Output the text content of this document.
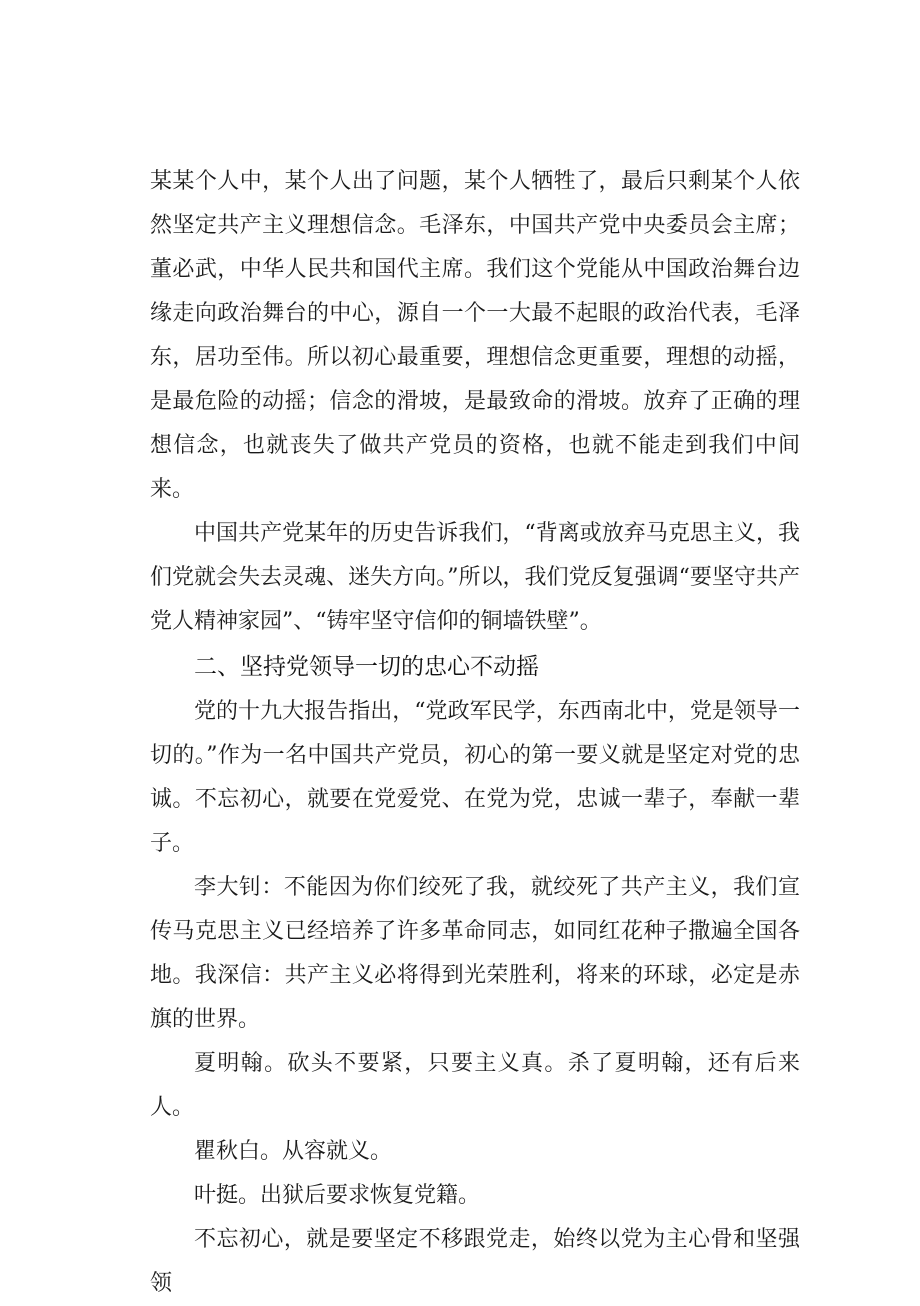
某某个人中，某个人出了问题，某个人牺牲了，最后只剩某个人依然坚定共产主义理想信念。毛泽东，中国共产党中央委员会主席；董必武，中华人民共和国代主席。我们这个党能从中国政治舞台边缘走向政治舞台的中心，源自一个一大最不起眼的政治代表，毛泽东，居功至伟。所以初心最重要，理想信念更重要，理想的动摇，是最危险的动摇；信念的滑坡，是最致命的滑坡。放弃了正确的理想信念，也就丧失了做共产党员的资格，也就不能走到我们中间来。

中国共产党某年的历史告诉我们，“背离或放弃马克思主义，我们党就会失去灵魂、迷失方向。”所以，我们党反复强调“要坚守共产党人精神家园”、“铸牢坚守信仰的铜墙铁壁”。

二、坚持党领导一切的忠心不动摇

党的十九大报告指出，“党政军民学，东西南北中，党是领导一切的。”作为一名中国共产党员，初心的第一要义就是坚定对党的忠诚。不忘初心，就要在党爱党、在党为党，忠诚一辈子，奉献一辈子。

李大钊：不能因为你们绞死了我，就绞死了共产主义，我们宣传马克思主义已经培养了许多革命同志，如同红花种子撒遍全国各地。我深信：共产主义必将得到光荣胜利，将来的环球，必定是赤旗的世界。

夏明翰。砍头不要紧，只要主义真。杀了夏明翰，还有后来人。

瞿秋白。从容就义。

叶挺。出狱后要求恢复党籍。

不忘初心，就是要坚定不移跟党走，始终以党为主心骨和坚强领
